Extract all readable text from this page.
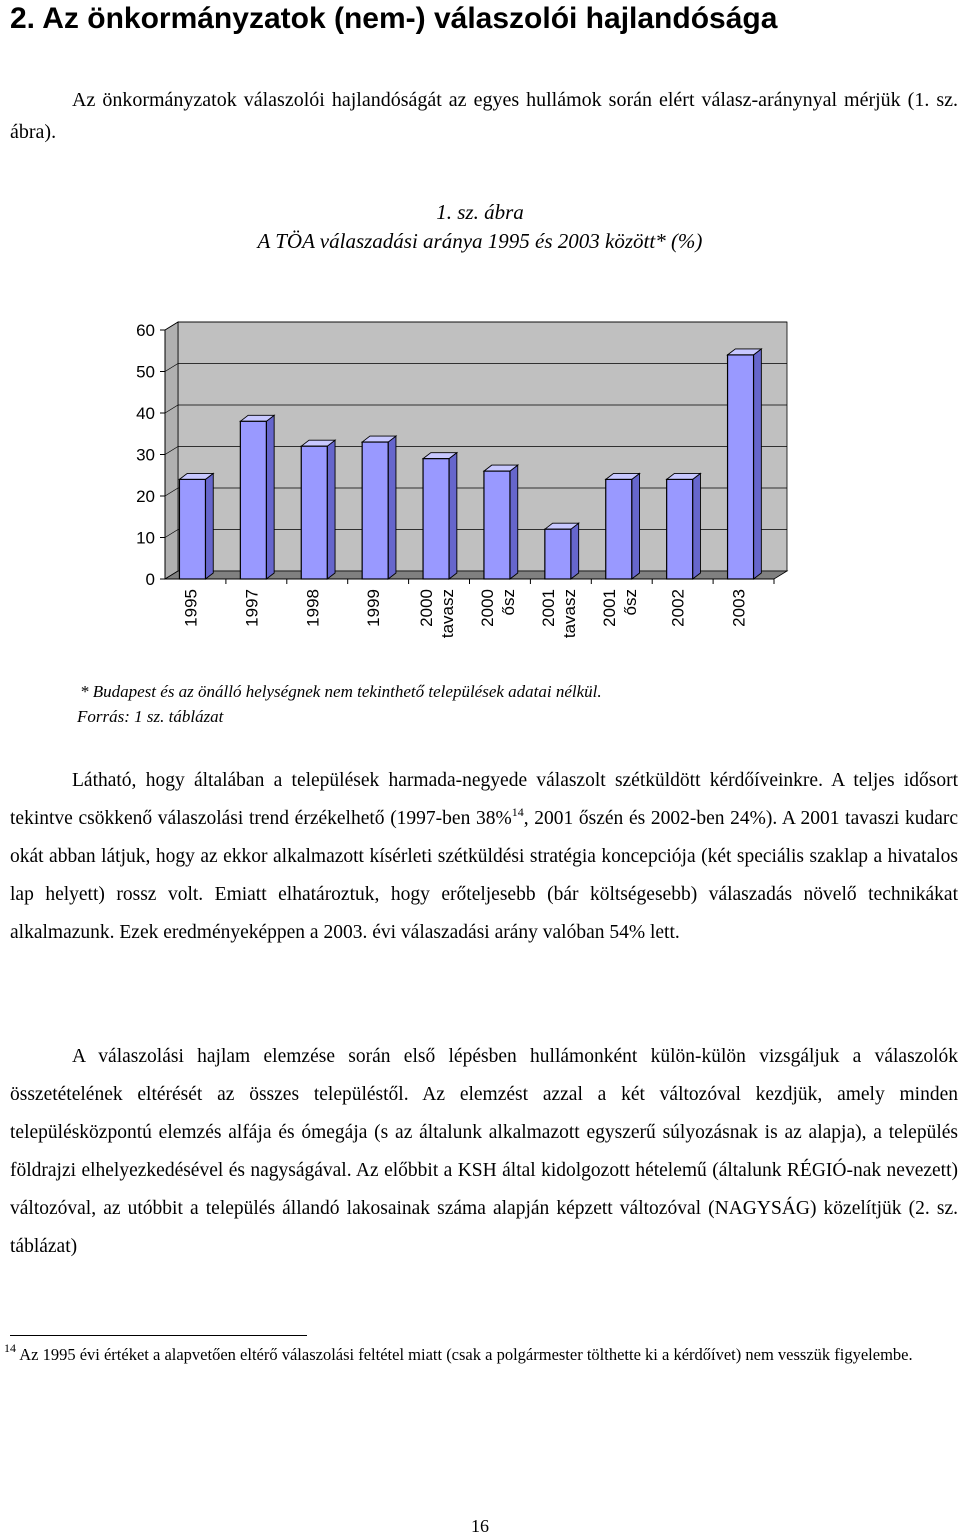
2. Az önkormányzatok (nem-) válaszolói hajlandósága

Az önkormányzatok válaszolói hajlandóságát az egyes hullámok során elért válasz-aránynyal mérjük (1. sz. ábra).

1. sz. ábra
A TÖA válaszadási aránya 1995 és 2003 között* (%)
0
10
20
30
40
50
60
1995 1997 1998 1999 2000 tavasz 2000 ősz 2001 tavasz 2001 ősz 2002 2003
* Budapest és az önálló helységnek nem tekinthető települések adatai nélkül.
Forrás: 1 sz. táblázat

Látható, hogy általában a települések harmada-negyede válaszolt szétküldött kérdőíveinkre. A teljes idősort tekintve csökkenő válaszolási trend érzékelhető (1997-ben 38%$^{14}$, 2001 őszén és 2002-ben 24%). A 2001 tavaszi kudarc okát abban látjuk, hogy az ekkor alkalmazott kísérleti szétküldési stratégia koncepciója (két speciális szaklap a hivatalos lap helyett) rossz volt. Emiatt elhatároztuk, hogy erőteljesebb (bár költségesebb) válaszadás növelő technikákat alkalmazunk. Ezek eredményeképpen a 2003. évi válaszadási arány valóban 54% lett.

A válaszolási hajlam elemzése során első lépésben hullámonként külön-külön vizsgáljuk a válaszolók összetételének eltérését az összes településtől. Az elemzést azzal a két változóval kezdjük, amely minden településközpontú elemzés alfája és ómegája (s az általunk alkalmazott egyszerű súlyozásnak is az alapja), a település földrajzi elhelyezkedésével és nagyságával. Az előbbit a KSH által kidolgozott hételemű (általunk RÉGIÓ-nak nevezett) változóval, az utóbbit a település állandó lakosainak száma alapján képzett változóval (NAGYSÁG) közelítjük (2. sz. táblázat)

$^{14}$ Az 1995 évi értéket a alapvetően eltérő válaszolási feltétel miatt (csak a polgármester tölthette ki a kérdőívet) nem vesszük figyelembe.

16
